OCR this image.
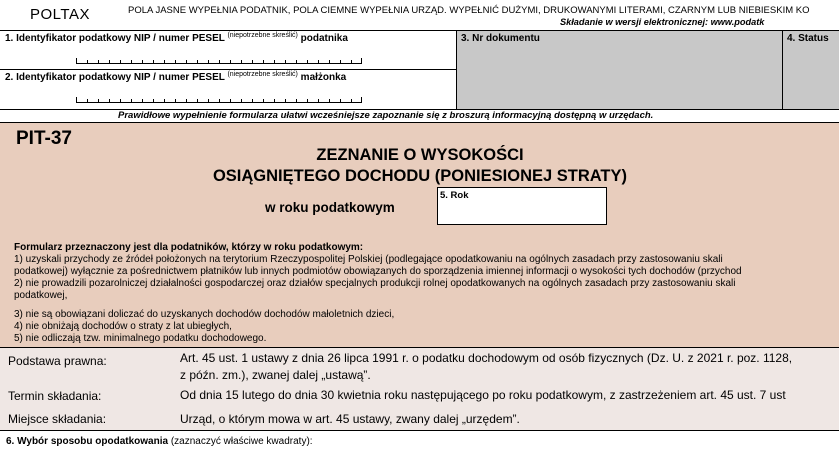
POLTAX	POLA JASNE WYPEŁNIA PODATNIK, POLA CIEMNE WYPEŁNIA URZĄD. WYPEŁNIĆ DUŻYMI, DRUKOWANYMI LITERAMI, CZARNYM LUB NIEBIESKIM KO
Składanie w wersji elektronicznej: www.podatk
1. Identyfikator podatkowy NIP / numer PESEL $^{(niepotrzebne skreślić)}$ podatnika
2. Identyfikator podatkowy NIP / numer PESEL $^{(niepotrzebne skreślić)}$ małżonka
3. Nr dokumentu	4. Status
Prawidłowe wypełnienie formularza ułatwi wcześniejsze zapoznanie się z broszurą informacyjną dostępną w urzędach.
PIT-37
ZEZNANIE O WYSOKOŚCI
OSIĄGNIĘTEGO DOCHODU (PONIESIONEJ STRATY)
w roku podatkowym
5. Rok
Formularz przeznaczony jest dla podatników, którzy w roku podatkowym:
1) uzyskali przychody ze źródeł położonych na terytorium Rzeczypospolitej Polskiej (podlegające opodatkowaniu na ogólnych zasadach przy zastosowaniu skali
podatkowej) wyłącznie za pośrednictwem płatników lub innych podmiotów obowiązanych do sporządzenia imiennej informacji o wysokości tych dochodów (przychod
2) nie prowadzili pozarolniczej działalności gospodarczej oraz działów specjalnych produkcji rolnej opodatkowanych na ogólnych zasadach przy zastosowaniu skali
podatkowej,
3) nie są obowiązani doliczać do uzyskanych dochodów dochodów małoletnich dzieci,
4) nie obniżają dochodów o straty z lat ubiegłych,
5) nie odliczają tzw. minimalnego podatku dochodowego.
Podstawa prawna:	Art. 45 ust. 1 ustawy z dnia 26 lipca 1991 r. o podatku dochodowym od osób fizycznych (Dz. U. z 2021 r. poz. 1128,
z późn. zm.), zwanej dalej „ustawą”.
Termin składania:	Od dnia 15 lutego do dnia 30 kwietnia roku następującego po roku podatkowym, z zastrzeżeniem art. 45 ust. 7 ust
Miejsce składania:	Urząd, o którym mowa w art. 45 ustawy, zwany dalej „urzędem”.
6. Wybór sposobu opodatkowania (zaznaczyć właściwe kwadraty):
